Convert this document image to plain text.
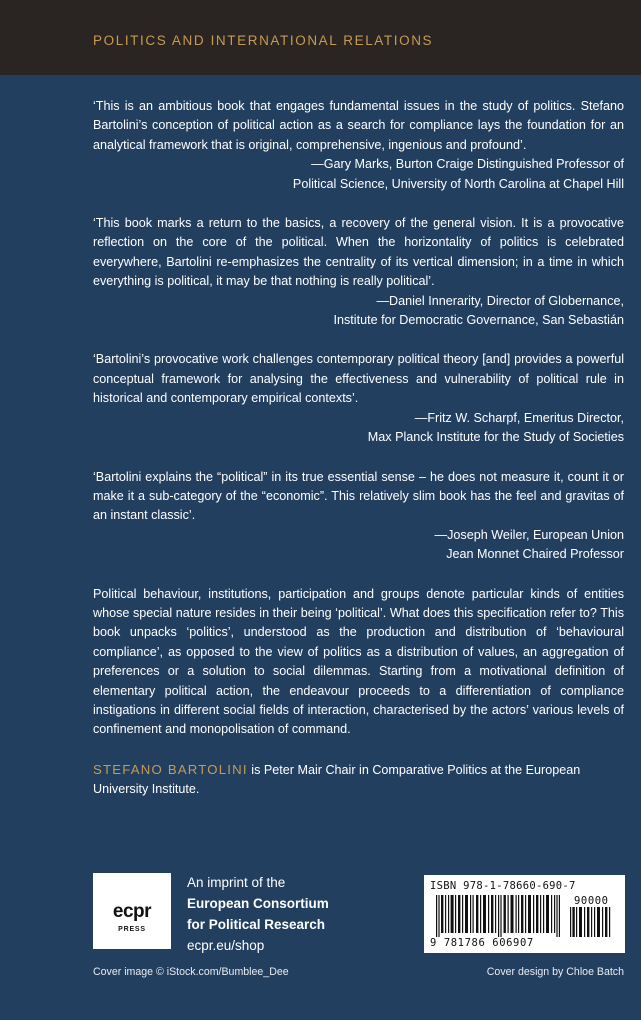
POLITICS AND INTERNATIONAL RELATIONS
‘This is an ambitious book that engages fundamental issues in the study of politics. Stefano Bartolini’s conception of political action as a search for compliance lays the foundation for an analytical framework that is original, comprehensive, ingenious and profound’.
—Gary Marks, Burton Craige Distinguished Professor of
Political Science, University of North Carolina at Chapel Hill
‘This book marks a return to the basics, a recovery of the general vision. It is a provocative reflection on the core of the political. When the horizontality of politics is celebrated everywhere, Bartolini re-emphasizes the centrality of its vertical dimension; in a time in which everything is political, it may be that nothing is really political’.
—Daniel Innerarity, Director of Globernance,
Institute for Democratic Governance, San Sebastián
‘Bartolini’s provocative work challenges contemporary political theory [and] provides a powerful conceptual framework for analysing the effectiveness and vulnerability of political rule in historical and contemporary empirical contexts’.
—Fritz W. Scharpf, Emeritus Director,
Max Planck Institute for the Study of Societies
‘Bartolini explains the “political” in its true essential sense – he does not measure it, count it or make it a sub-category of the “economic”. This relatively slim book has the feel and gravitas of an instant classic’.
—Joseph Weiler, European Union
Jean Monnet Chaired Professor
Political behaviour, institutions, participation and groups denote particular kinds of entities whose special nature resides in their being ‘political’. What does this specification refer to? This book unpacks ‘politics’, understood as the production and distribution of ‘behavioural compliance’, as opposed to the view of politics as a distribution of values, an aggregation of preferences or a solution to social dilemmas. Starting from a motivational definition of elementary political action, the endeavour proceeds to a differentiation of compliance instigations in different social fields of interaction, characterised by the actors’ various levels of confinement and monopolisation of command.
STEFANO BARTOLINI is Peter Mair Chair in Comparative Politics at the European University Institute.
ecpr
PRESS
An imprint of the
European Consortium
for Political Research
ecpr.eu/shop
ISBN 978-1-78660-690-7
90000
9 781786 606907
Cover image © iStock.com/Bumblee_Dee	Cover design by Chloe Batch
